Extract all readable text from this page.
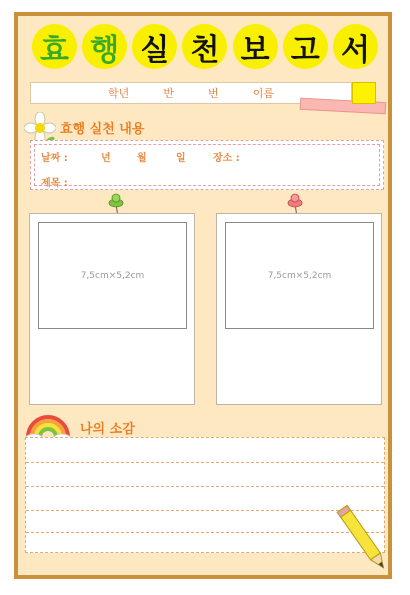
효 행 실 천 보 고 서
학년	반	번	이름
효행 실천 내용
날짜 :	년	월	일	장소 :
제목 :
7,5cm×5,2cm	7,5cm×5,2cm
나의 소감
